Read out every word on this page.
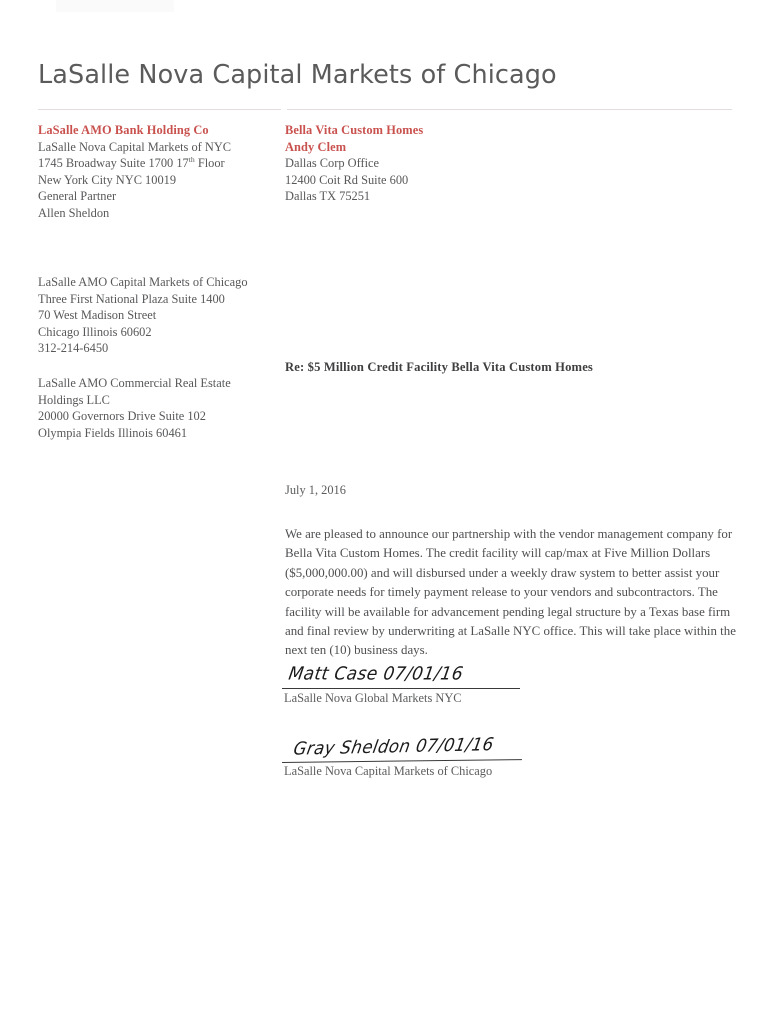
LaSalle Nova Capital Markets of Chicago
LaSalle AMO Bank Holding Co
LaSalle Nova Capital Markets of NYC
1745 Broadway Suite 1700 17th Floor
New York City NYC 10019
General Partner
Allen Sheldon
Bella Vita Custom Homes
Andy Clem
Dallas Corp Office
12400 Coit Rd Suite 600
Dallas TX 75251
LaSalle AMO Capital Markets of Chicago
Three First National Plaza Suite 1400
70 West Madison Street
Chicago Illinois 60602
312-214-6450
LaSalle AMO Commercial Real Estate
Holdings LLC
20000 Governors Drive Suite 102
Olympia Fields Illinois 60461
Re: $5 Million Credit Facility Bella Vita Custom Homes
July 1, 2016
We are pleased to announce our partnership with the vendor management company for Bella Vita Custom Homes. The credit facility will cap/max at Five Million Dollars ($5,000,000.00) and will disbursed under a weekly draw system to better assist your corporate needs for timely payment release to your vendors and subcontractors. The facility will be available for advancement pending legal structure by a Texas base firm and final review by underwriting at LaSalle NYC office. This will take place within the next ten (10) business days.
Matt Case 07/01/16
LaSalle Nova Global Markets NYC
Gray Sheldon 07/01/16
LaSalle Nova Capital Markets of Chicago
